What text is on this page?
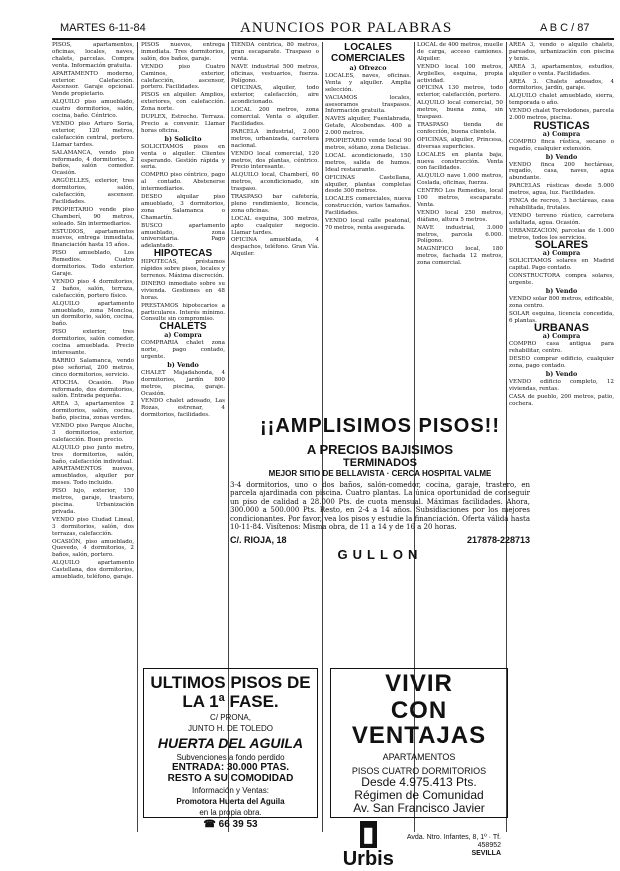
MARTES 6-11-84	ANUNCIOS POR PALABRAS	A B C / 87

PISOS, apartamentos, oficinas, locales, naves, chalets, parcelas. Compra venta. Información gratuita.

APARTAMENTO moderno, exterior. Calefacción. Ascensor. Garaje opcional. Vende propietario.

ALQUILO piso amueblado, cuatro dormitorios, salón, cocina, baño. Céntrico.

VENDO piso Arturo Soria, exterior, 120 metros, calefacción central, portero. Llamar tardes.

SALAMANCA, vendo piso reformado, 4 dormitorios, 2 baños, salón comedor. Ocasión.

ARGÜELLES, exterior, tres dormitorios, salón, calefacción, ascensor. Facilidades.

PROPIETARIO vende piso Chamberí, 90 metros, soleado. Sin intermediarios.

ESTUDIOS, apartamentos nuevos, entrega inmediata, financiación hasta 15 años.

PISO amueblado, Los Remedios. Cuatro dormitorios. Todo exterior. Garaje.

VENDO piso 4 dormitorios, 2 baños, salón, terraza, calefacción, portero físico.

ALQUILO apartamento amueblado, zona Moncloa, un dormitorio, salón, cocina, baño.

PISO exterior, tres dormitorios, salón comedor, cocina amueblada. Precio interesante.

BARRIO Salamanca, vendo piso señorial, 200 metros, cinco dormitorios, servicio.

ATOCHA. Ocasión. Piso reformado, dos dormitorios, salón. Entrada pequeña.

AREA 3, apartamentos 2 dormitorios, salón, cocina, baño, piscina, zonas verdes.

VENDO piso Parque Aluche, 3 dormitorios, exterior, calefacción. Buen precio.

ALQUILO piso junto metro, tres dormitorios, salón, baño, calefacción individual.

APARTAMENTOS nuevos, amueblados, alquiler por meses. Todo incluido.

PISO lujo, exterior, 150 metros, garaje, trastero, piscina. Urbanización privada.

VENDO piso Ciudad Lineal, 3 dormitorios, salón, dos terrazas, calefacción.

OCASIÓN, piso amueblado, Quevedo, 4 dormitorios, 2 baños, salón, portero.

ALQUILO apartamento Castellana, dos dormitorios, amueblado, teléfono, garaje.

PISOS nuevos, entrega inmediata. Tres dormitorios, salón, dos baños, garaje.

VENDO piso Cuatro Caminos, exterior, calefacción, ascensor, portero. Facilidades.

PISOS en alquiler. Amplios, exteriores, con calefacción. Zona norte.

DUPLEX, Estrecho. Terraza. Precio a convenir. Llamar horas oficina.

b) Solicito

SOLICITAMOS pisos en venta o alquiler. Clientes esperando. Gestión rápida y seria.

COMPRO piso céntrico, pago al contado. Abstenerse intermediarios.

DESEO alquilar piso amueblado, 3 dormitorios, zona Salamanca o Chamartín.

BUSCO apartamento amueblado, zona universitaria. Pago adelantado.

HIPOTECAS

HIPOTECAS, préstamos rápidos sobre pisos, locales y terrenos. Máxima discreción.

DINERO inmediato sobre su vivienda. Gestiones en 48 horas.

PRESTAMOS hipotecarios a particulares. Interés mínimo. Consulte sin compromiso.

CHALETS

a) Compra

COMPRARIA chalet zona norte, pago contado, urgente.

b) Vendo

CHALET Majadahonda, 4 dormitorios, jardín 800 metros, piscina, garaje. Ocasión.

VENDO chalet adosado, Las Rozas, estrenar, 4 dormitorios, facilidades.

TIENDA céntrica, 80 metros, gran escaparate. Traspaso o venta.

NAVE industrial 500 metros, oficinas, vestuarios, fuerza. Polígono.

OFICINAS, alquiler, todo exterior, calefacción, aire acondicionado.

LOCAL 200 metros, zona comercial. Venta o alquiler. Facilidades.

PARCELA industrial, 2.000 metros, urbanizada, carretera nacional.

VENDO local comercial, 120 metros, dos plantas, céntrico. Precio interesante.

ALQUILO local, Chamberí, 60 metros, acondicionado, sin traspaso.

TRASPASO bar cafetería, pleno rendimiento, licencia, zona oficinas.

LOCAL esquina, 300 metros, apto cualquier negocio. Llamar tardes.

OFICINA amueblada, 4 despachos, teléfono. Gran Vía. Alquiler.

LOCALES COMERCIALES

a) Ofrezco

LOCALES, naves, oficinas. Venta y alquiler. Amplia selección.

VACIAMOS locales, asesoramos traspasos. Información gratuita.

NAVES alquiler, Fuenlabrada, Getafe, Alcobendas. 400 a 2.000 metros.

PROPIETARIO vende local 90 metros, sótano, zona Delicias.

LOCAL acondicionado, 150 metros, salida de humos. Ideal restaurante.

OFICINAS Castellana, alquiler, plantas completas desde 300 metros.

LOCALES comerciales, nueva construcción, varios tamaños. Facilidades.

VENDO local calle peatonal, 70 metros, renta asegurada.

LOCAL de 400 metros, muelle de carga, acceso camiones. Alquiler.

VENDO local 100 metros, Argüelles, esquina, propia actividad.

OFICINA 130 metros, todo exterior, calefacción, portero.

ALQUILO local comercial, 50 metros, buena zona, sin traspaso.

TRASPASO tienda de confección, buena clientela.

OFICINAS, alquiler, Princesa, diversas superficies.

LOCALES en planta baja, nueva construcción. Venta con facilidades.

ALQUILO nave 1.000 metros, Coslada, oficinas, fuerza.

CENTRO Los Remedios, local 100 metros, escaparate. Venta.

VENDO local 250 metros, diáfano, altura 5 metros.

NAVE industrial, 3.000 metros, parcela 6.000. Polígono.

MAGNIFICO local, 180 metros, fachada 12 metros, zona comercial.

AREA 3, vendo o alquilo chalets, pareados, urbanización con piscina y tenis.

AREA 3, apartamentos, estudios, alquiler o venta. Facilidades.

AREA 3. Chalets adosados, 4 dormitorios, jardín, garaje.

ALQUILO chalet amueblado, sierra, temporada o año.

VENDO chalet Torrelodones, parcela 2.000 metros, piscina.

RUSTICAS

a) Compra

COMPRO finca rústica, secano o regadío, cualquier extensión.

b) Vendo

VENDO finca 200 hectáreas, regadío, casa, naves, agua abundante.

PARCELAS rústicas desde 5.000 metros, agua, luz. Facilidades.

FINCA de recreo, 3 hectáreas, casa rehabilitada, frutales.

VENDO terreno rústico, carretera asfaltada, agua. Ocasión.

URBANIZACION, parcelas de 1.000 metros, todos los servicios.

SOLARES

a) Compra

SOLICITAMOS solares en Madrid capital. Pago contado.

CONSTRUCTORA compra solares, urgente.

b) Vendo

VENDO solar 800 metros, edificable, zona centro.

SOLAR esquina, licencia concedida, 6 plantas.

URBANAS

a) Compra

COMPRO casa antigua para rehabilitar, centro.

DESEO comprar edificio, cualquier zona, pago contado.

b) Vendo

VENDO edificio completo, 12 viviendas, rentas.

CASA de pueblo, 200 metros, patio, cochera.

¡¡AMPLISIMOS PISOS!!
A PRECIOS BAJISIMOS
TERMINADOS
MEJOR SITIO DE BELLAVISTA · CERCA HOSPITAL VALME
3-4 dormitorios, uno o dos baños, salón-comedor, cocina, garaje, trastero, en parcela ajardinada con piscina. Cuatro plantas. La única oportunidad de conseguir un piso de calidad a 28.000 Pts. de cuota mensual. Máximas facilidades. Ahora, 300.000 a 500.000 Pts. Resto, en 2-4 a 14 años. Subsidiaciones por los mejores condicionantes. Por favor, vea los pisos y estudie la financiación. Oferta válida hasta 10-11-84. Visítenos: Misma obra, de 11 a 14 y de 16 a 20 horas.
C/. RIOJA, 18	217878-228713
GULLON
ULTIMOS PISOS DE LA 1ª FASE.
C/ PRONA,
JUNTO H. DE TOLEDO
HUERTA DEL AGUILA
Subvenciones a fondo perdido
ENTRADA: 30.000 PTAS.
RESTO A SU COMODIDAD
Información y Ventas:
Promotora Huerta del Aguila
en la propia obra.
☎ 66 39 53
VIVIR
CON VENTAJAS
APARTAMENTOS
PISOS CUATRO DORMITORIOS
Desde 4.975.413 Pts.
Régimen de Comunidad
Av. San Francisco Javier
▮ Urbis
Avda. Ntro. Infantes, 8, 1º · Tf. 458952
SEVILLA
